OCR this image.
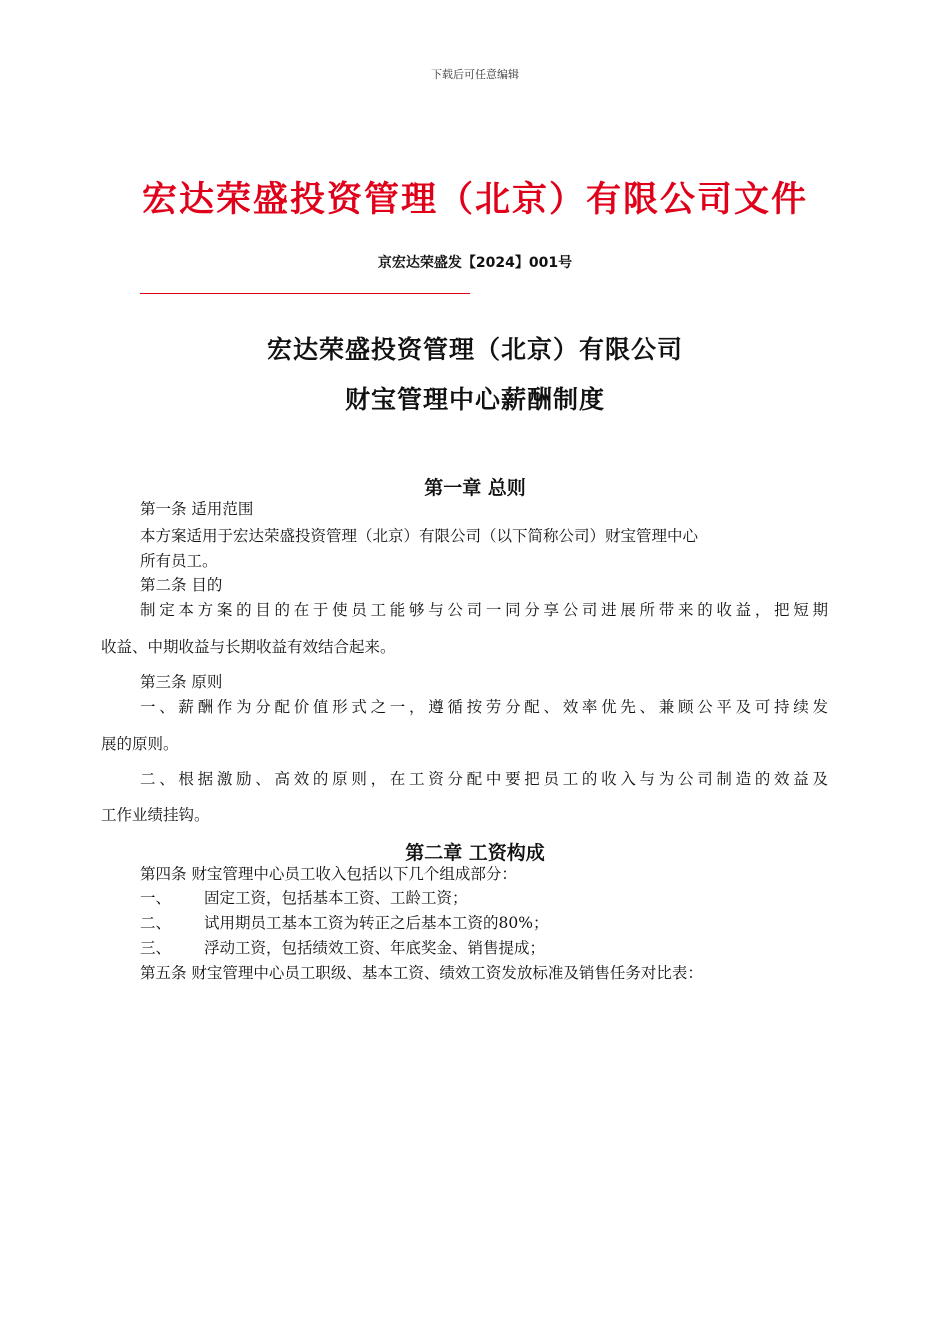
下载后可任意编辑
宏达荣盛投资管理（北京）有限公司文件
京宏达荣盛发【2024】001号
宏达荣盛投资管理（北京）有限公司
财宝管理中心薪酬制度
第一章 总则
第一条 适用范围
本方案适用于宏达荣盛投资管理（北京）有限公司（以下简称公司）财宝管理中心
所有员工。
第二条 目的
制定本方案的目的在于使员工能够与公司一同分享公司进展所带来的收益，把短期
收益、中期收益与长期收益有效结合起来。
第三条 原则
一、薪酬作为分配价值形式之一，遵循按劳分配、效率优先、兼顾公平及可持续发
展的原则。
二、根据激励、高效的原则，在工资分配中要把员工的收入与为公司制造的效益及
工作业绩挂钩。
第二章 工资构成
第四条 财宝管理中心员工收入包括以下几个组成部分：
一、 固定工资，包括基本工资、工龄工资；
二、 试用期员工基本工资为转正之后基本工资的80%；
三、 浮动工资，包括绩效工资、年底奖金、销售提成；
第五条 财宝管理中心员工职级、基本工资、绩效工资发放标准及销售任务对比表：
